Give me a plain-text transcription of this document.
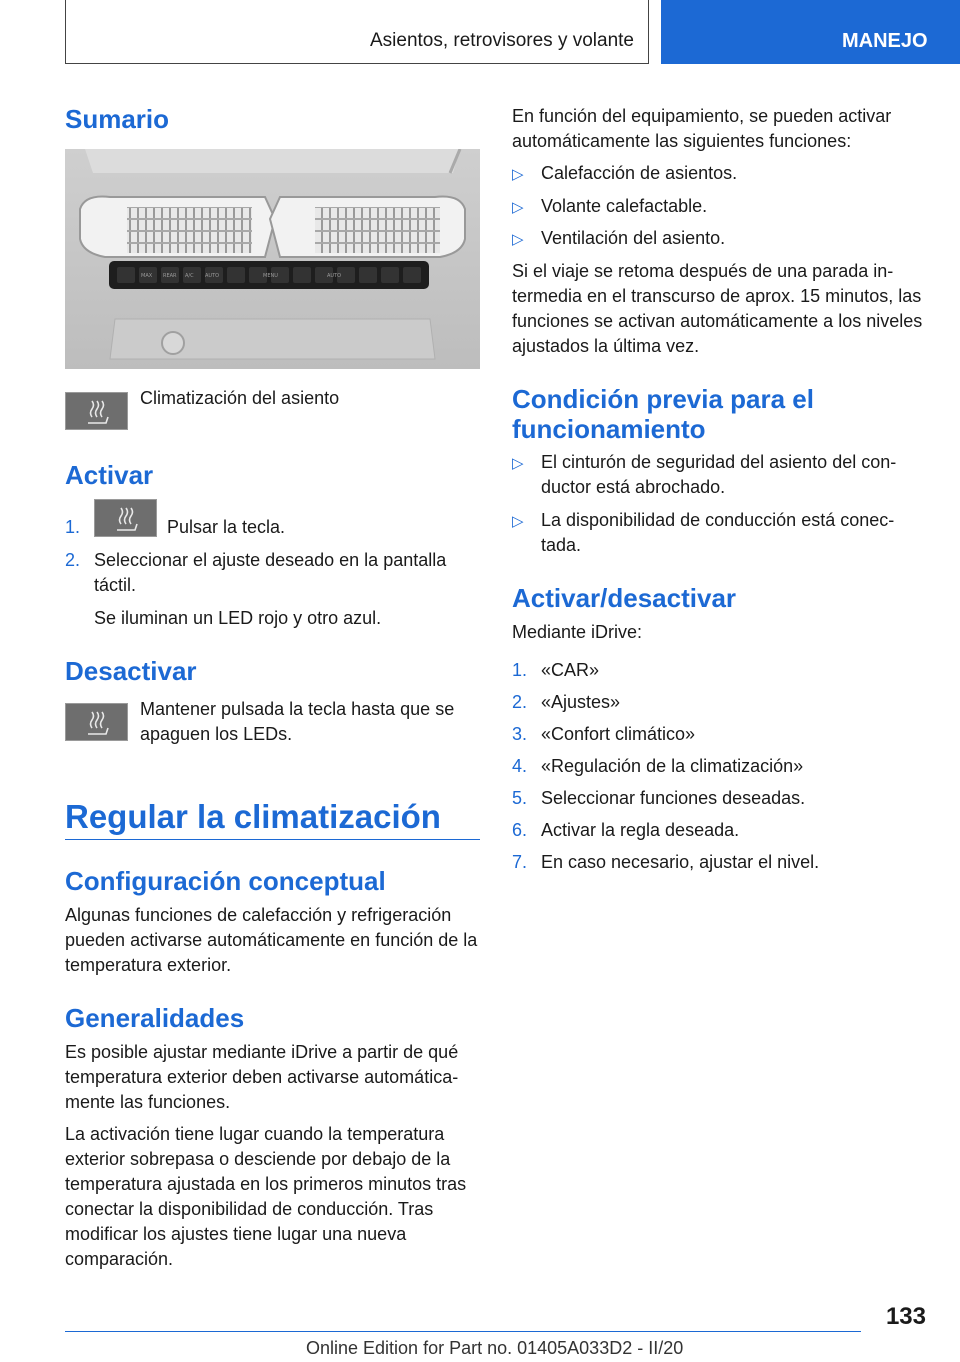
Asientos, retrovisores y volante	MANEJO
Sumario
MAX REAR A/C AUTO	MENU	AUTO
Climatización del asiento
Activar
1.	Pulsar la tecla.
2. Seleccionar el ajuste deseado en la pantalla táctil.
Se iluminan un LED rojo y otro azul.
Desactivar
Mantener pulsada la tecla hasta que se apaguen los LEDs.
Regular la climatización
Configuración conceptual
Algunas funciones de calefacción y refrigeración pueden activarse automáticamente en función de la temperatura exterior.
Generalidades
Es posible ajustar mediante iDrive a partir de qué temperatura exterior deben activarse automática-mente las funciones.
La activación tiene lugar cuando la temperatura exterior sobrepasa o desciende por debajo de la temperatura ajustada en los primeros minutos tras conectar la disponibilidad de conducción. Tras modificar los ajustes tiene lugar una nueva comparación.
En función del equipamiento, se pueden activar automáticamente las siguientes funciones:
▷ Calefacción de asientos.
▷ Volante calefactable.
▷ Ventilación del asiento.
Si el viaje se retoma después de una parada in-termedia en el transcurso de aprox. 15 minutos, las funciones se activan automáticamente a los niveles ajustados la última vez.
Condición previa para el funcionamiento
▷ El cinturón de seguridad del asiento del con-ductor está abrochado.
▷ La disponibilidad de conducción está conec-tada.
Activar/desactivar
Mediante iDrive:
1. «CAR»
2. «Ajustes»
3. «Confort climático»
4. «Regulación de la climatización»
5. Seleccionar funciones deseadas.
6. Activar la regla deseada.
7. En caso necesario, ajustar el nivel.
133
Online Edition for Part no. 01405A033D2 - II/20
